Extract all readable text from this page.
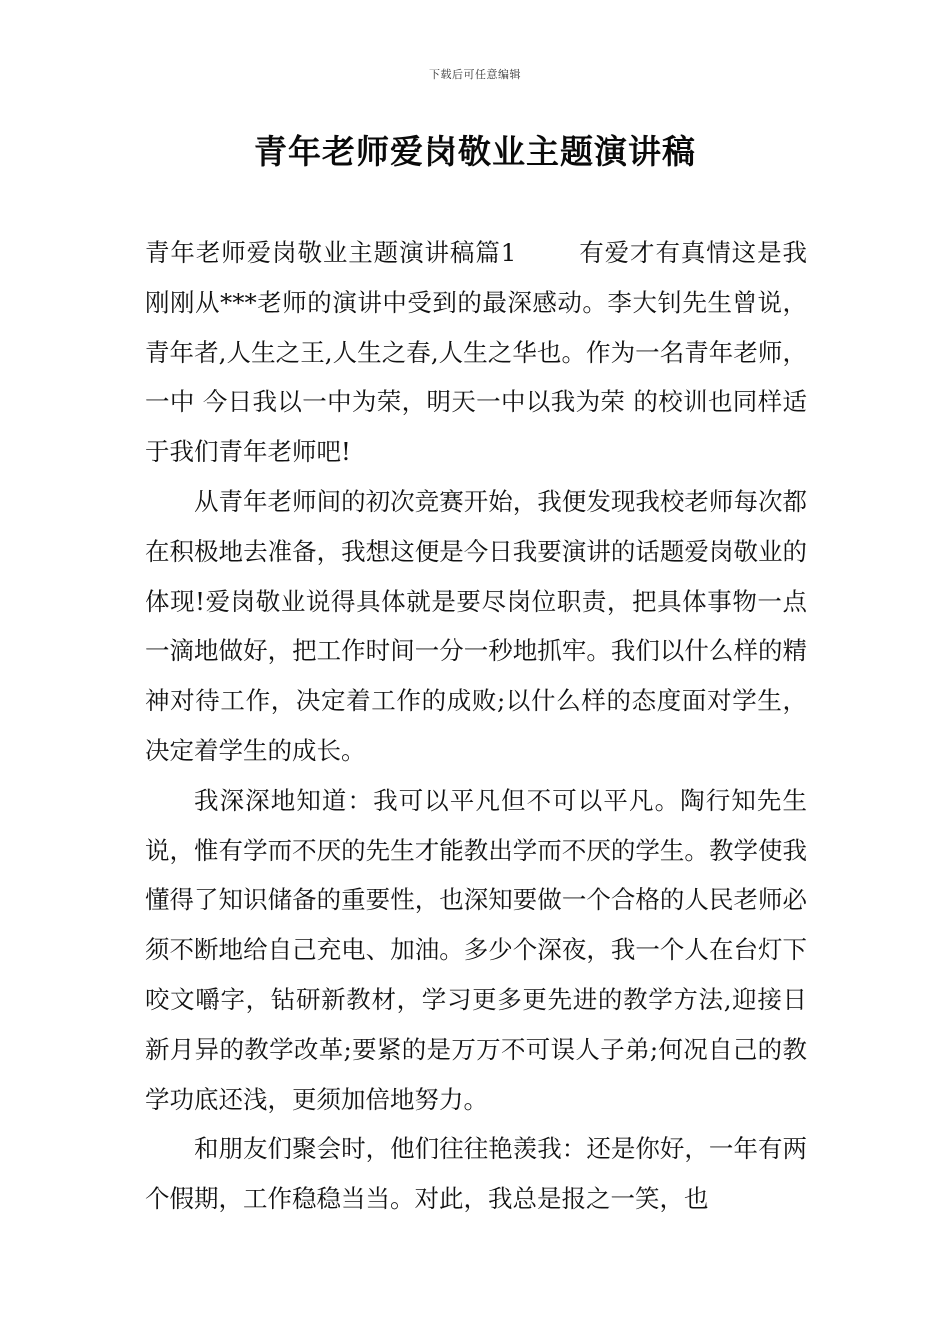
下载后可任意编辑
青年老师爱岗敬业主题演讲稿

青年老师爱岗敬业主题演讲稿篇1	有爱才有真情这是我刚刚从***老师的演讲中受到的最深感动。李大钊先生曾说，青年者,人生之王,人生之春,人生之华也。作为一名青年老师，一中 今日我以一中为荣，明天一中以我为荣 的校训也同样适于我们青年老师吧!

从青年老师间的初次竞赛开始，我便发现我校老师每次都在积极地去准备，我想这便是今日我要演讲的话题爱岗敬业的体现!爱岗敬业说得具体就是要尽岗位职责，把具体事物一点一滴地做好，把工作时间一分一秒地抓牢。我们以什么样的精神对待工作，决定着工作的成败;以什么样的态度面对学生，决定着学生的成长。

我深深地知道：我可以平凡但不可以平凡。陶行知先生说，惟有学而不厌的先生才能教出学而不厌的学生。教学使我懂得了知识储备的重要性，也深知要做一个合格的人民老师必须不断地给自己充电、加油。多少个深夜，我一个人在台灯下咬文嚼字，钻研新教材，学习更多更先进的教学方法,迎接日新月异的教学改革;要紧的是万万不可误人子弟;何况自己的教学功底还浅，更须加倍地努力。

和朋友们聚会时，他们往往艳羡我：还是你好，一年有两个假期，工作稳稳当当。对此，我总是报之一笑，也
